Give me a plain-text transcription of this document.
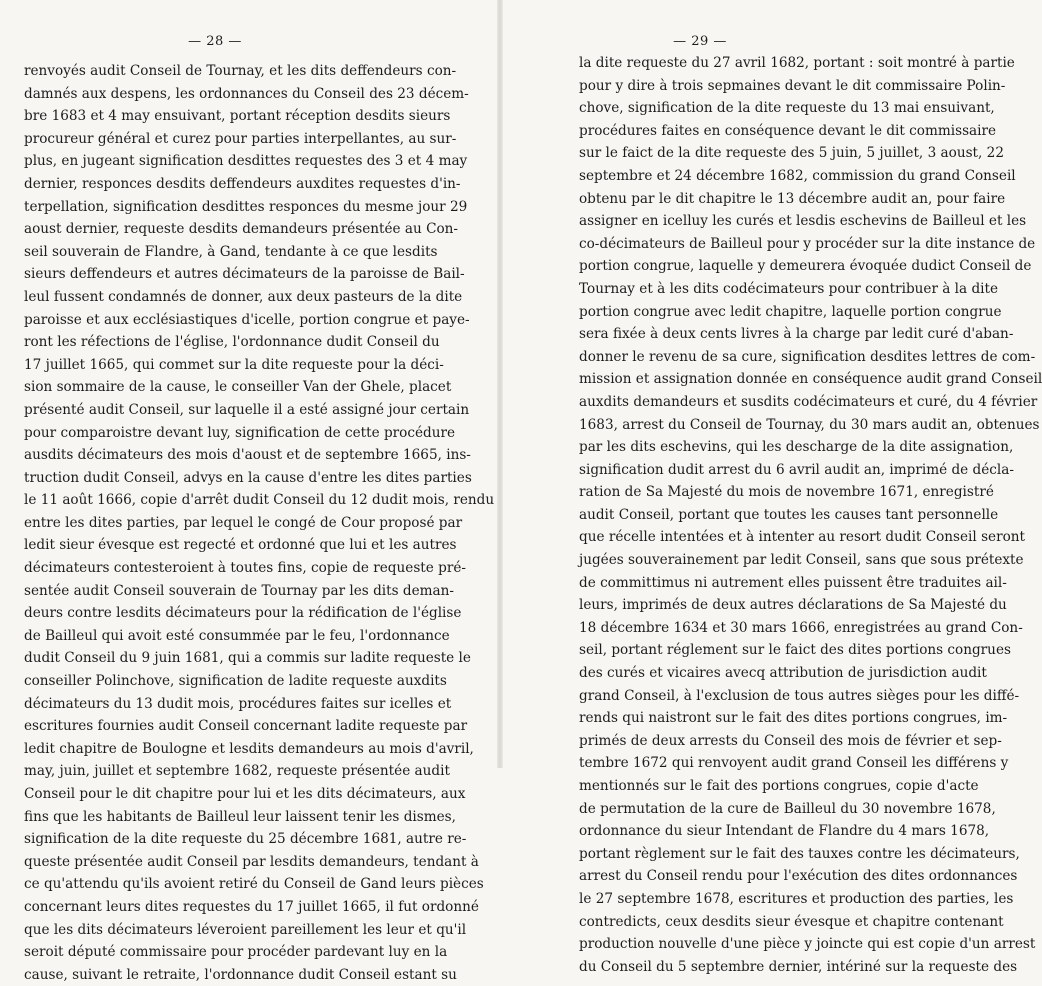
— 28 —
renvoyés audit Conseil de Tournay, et les dits deffendeurs con-
damnés aux despens, les ordonnances du Conseil des 23 décem-
bre 1683 et 4 may ensuivant, portant réception desdits sieurs
procureur général et curez pour parties interpellantes, au sur-
plus, en jugeant signification desdittes requestes des 3 et 4 may
dernier, responces desdits deffendeurs auxdites requestes d'in-
terpellation, signification desdittes responces du mesme jour 29
aoust dernier, requeste desdits demandeurs présentée au Con-
seil souverain de Flandre, à Gand, tendante à ce que lesdits
sieurs deffendeurs et autres décimateurs de la paroisse de Bail-
leul fussent condamnés de donner, aux deux pasteurs de la dite
paroisse et aux ecclésiastiques d'icelle, portion congrue et paye-
ront les réfections de l'église, l'ordonnance dudit Conseil du
17 juillet 1665, qui commet sur la dite requeste pour la déci-
sion sommaire de la cause, le conseiller Van der Ghele, placet
présenté audit Conseil, sur laquelle il a esté assigné jour certain
pour comparoistre devant luy, signification de cette procédure
ausdits décimateurs des mois d'aoust et de septembre 1665, ins-
truction dudit Conseil, advys en la cause d'entre les dites parties
le 11 août 1666, copie d'arrêt dudit Conseil du 12 dudit mois, rendu
entre les dites parties, par lequel le congé de Cour proposé par
ledit sieur évesque est regecté et ordonné que lui et les autres
décimateurs contesteroient à toutes fins, copie de requeste pré-
sentée audit Conseil souverain de Tournay par les dits deman-
deurs contre lesdits décimateurs pour la rédification de l'église
de Bailleul qui avoit esté consummée par le feu, l'ordonnance
dudit Conseil du 9 juin 1681, qui a commis sur ladite requeste le
conseiller Polinchove, signification de ladite requeste auxdits
décimateurs du 13 dudit mois, procédures faites sur icelles et
escritures fournies audit Conseil concernant ladite requeste par
ledit chapitre de Boulogne et lesdits demandeurs au mois d'avril,
may, juin, juillet et septembre 1682, requeste présentée audit
Conseil pour le dit chapitre pour lui et les dits décimateurs, aux
fins que les habitants de Bailleul leur laissent tenir les dismes,
signification de la dite requeste du 25 décembre 1681, autre re-
queste présentée audit Conseil par lesdits demandeurs, tendant à
ce qu'attendu qu'ils avoient retiré du Conseil de Gand leurs pièces
concernant leurs dites requestes du 17 juillet 1665, il fut ordonné
que les dits décimateurs léveroient pareillement les leur et qu'il
seroit député commissaire pour procéder pardevant luy en la
cause, suivant le retraite, l'ordonnance dudit Conseil estant su
— 29 —
la dite requeste du 27 avril 1682, portant : soit montré à partie
pour y dire à trois sepmaines devant le dit commissaire Polin-
chove, signification de la dite requeste du 13 mai ensuivant,
procédures faites en conséquence devant le dit commissaire
sur le faict de la dite requeste des 5 juin, 5 juillet, 3 aoust, 22
septembre et 24 décembre 1682, commission du grand Conseil
obtenu par le dit chapitre le 13 décembre audit an, pour faire
assigner en icelluy les curés et lesdis eschevins de Bailleul et les
co-décimateurs de Bailleul pour y procéder sur la dite instance de
portion congrue, laquelle y demeurera évoquée dudict Conseil de
Tournay et à les dits codécimateurs pour contribuer à la dite
portion congrue avec ledit chapitre, laquelle portion congrue
sera fixée à deux cents livres à la charge par ledit curé d'aban-
donner le revenu de sa cure, signification desdites lettres de com-
mission et assignation donnée en conséquence audit grand Conseil
auxdits demandeurs et susdits codécimateurs et curé, du 4 février
1683, arrest du Conseil de Tournay, du 30 mars audit an, obtenues
par les dits eschevins, qui les descharge de la dite assignation,
signification dudit arrest du 6 avril audit an, imprimé de décla-
ration de Sa Majesté du mois de novembre 1671, enregistré
audit Conseil, portant que toutes les causes tant personnelle
que récelle intentées et à intenter au resort dudit Conseil seront
jugées souverainement par ledit Conseil, sans que sous prétexte
de committimus ni autrement elles puissent être traduites ail-
leurs, imprimés de deux autres déclarations de Sa Majesté du
18 décembre 1634 et 30 mars 1666, enregistrées au grand Con-
seil, portant réglement sur le faict des dites portions congrues
des curés et vicaires avecq attribution de jurisdiction audit
grand Conseil, à l'exclusion de tous autres sièges pour les diffé-
rends qui naistront sur le fait des dites portions congrues, im-
primés de deux arrests du Conseil des mois de février et sep-
tembre 1672 qui renvoyent audit grand Conseil les différens y
mentionnés sur le fait des portions congrues, copie d'acte
de permutation de la cure de Bailleul du 30 novembre 1678,
ordonnance du sieur Intendant de Flandre du 4 mars 1678,
portant règlement sur le fait des tauxes contre les décimateurs,
arrest du Conseil rendu pour l'exécution des dites ordonnances
le 27 septembre 1678, escritures et production des parties, les
contredicts, ceux desdits sieur évesque et chapitre contenant
production nouvelle d'une pièce y joincte qui est copie d'un arrest
du Conseil du 5 septembre dernier, intériné sur la requeste des
